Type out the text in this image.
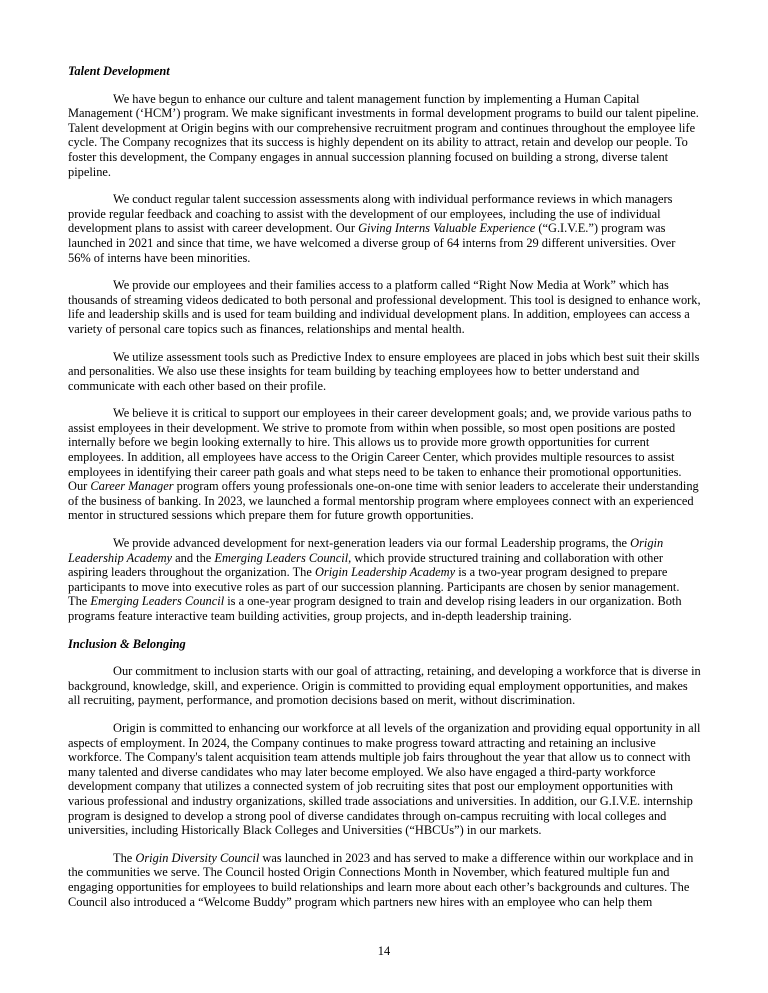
Talent Development

We have begun to enhance our culture and talent management function by implementing a Human Capital Management (‘HCM’) program. We make significant investments in formal development programs to build our talent pipeline. Talent development at Origin begins with our comprehensive recruitment program and continues throughout the employee life cycle. The Company recognizes that its success is highly dependent on its ability to attract, retain and develop our people. To foster this development, the Company engages in annual succession planning focused on building a strong, diverse talent pipeline.

We conduct regular talent succession assessments along with individual performance reviews in which managers provide regular feedback and coaching to assist with the development of our employees, including the use of individual development plans to assist with career development. Our Giving Interns Valuable Experience (“G.I.V.E.”) program was launched in 2021 and since that time, we have welcomed a diverse group of 64 interns from 29 different universities. Over 56% of interns have been minorities.

We provide our employees and their families access to a platform called “Right Now Media at Work” which has thousands of streaming videos dedicated to both personal and professional development. This tool is designed to enhance work, life and leadership skills and is used for team building and individual development plans. In addition, employees can access a variety of personal care topics such as finances, relationships and mental health.

We utilize assessment tools such as Predictive Index to ensure employees are placed in jobs which best suit their skills and personalities. We also use these insights for team building by teaching employees how to better understand and communicate with each other based on their profile.

We believe it is critical to support our employees in their career development goals; and, we provide various paths to assist employees in their development. We strive to promote from within when possible, so most open positions are posted internally before we begin looking externally to hire. This allows us to provide more growth opportunities for current employees. In addition, all employees have access to the Origin Career Center, which provides multiple resources to assist employees in identifying their career path goals and what steps need to be taken to enhance their promotional opportunities. Our Career Manager program offers young professionals one-on-one time with senior leaders to accelerate their understanding of the business of banking. In 2023, we launched a formal mentorship program where employees connect with an experienced mentor in structured sessions which prepare them for future growth opportunities.

We provide advanced development for next-generation leaders via our formal Leadership programs, the Origin Leadership Academy and the Emerging Leaders Council, which provide structured training and collaboration with other aspiring leaders throughout the organization. The Origin Leadership Academy is a two-year program designed to prepare participants to move into executive roles as part of our succession planning. Participants are chosen by senior management. The Emerging Leaders Council is a one-year program designed to train and develop rising leaders in our organization. Both programs feature interactive team building activities, group projects, and in-depth leadership training.

Inclusion & Belonging

Our commitment to inclusion starts with our goal of attracting, retaining, and developing a workforce that is diverse in background, knowledge, skill, and experience. Origin is committed to providing equal employment opportunities, and makes all recruiting, payment, performance, and promotion decisions based on merit, without discrimination.

Origin is committed to enhancing our workforce at all levels of the organization and providing equal opportunity in all aspects of employment. In 2024, the Company continues to make progress toward attracting and retaining an inclusive workforce. The Company's talent acquisition team attends multiple job fairs throughout the year that allow us to connect with many talented and diverse candidates who may later become employed. We also have engaged a third-party workforce development company that utilizes a connected system of job recruiting sites that post our employment opportunities with various professional and industry organizations, skilled trade associations and universities. In addition, our G.I.V.E. internship program is designed to develop a strong pool of diverse candidates through on-campus recruiting with local colleges and universities, including Historically Black Colleges and Universities (“HBCUs”) in our markets.

The Origin Diversity Council was launched in 2023 and has served to make a difference within our workplace and in the communities we serve. The Council hosted Origin Connections Month in November, which featured multiple fun and engaging opportunities for employees to build relationships and learn more about each other’s backgrounds and cultures. The Council also introduced a “Welcome Buddy” program which partners new hires with an employee who can help them

14
